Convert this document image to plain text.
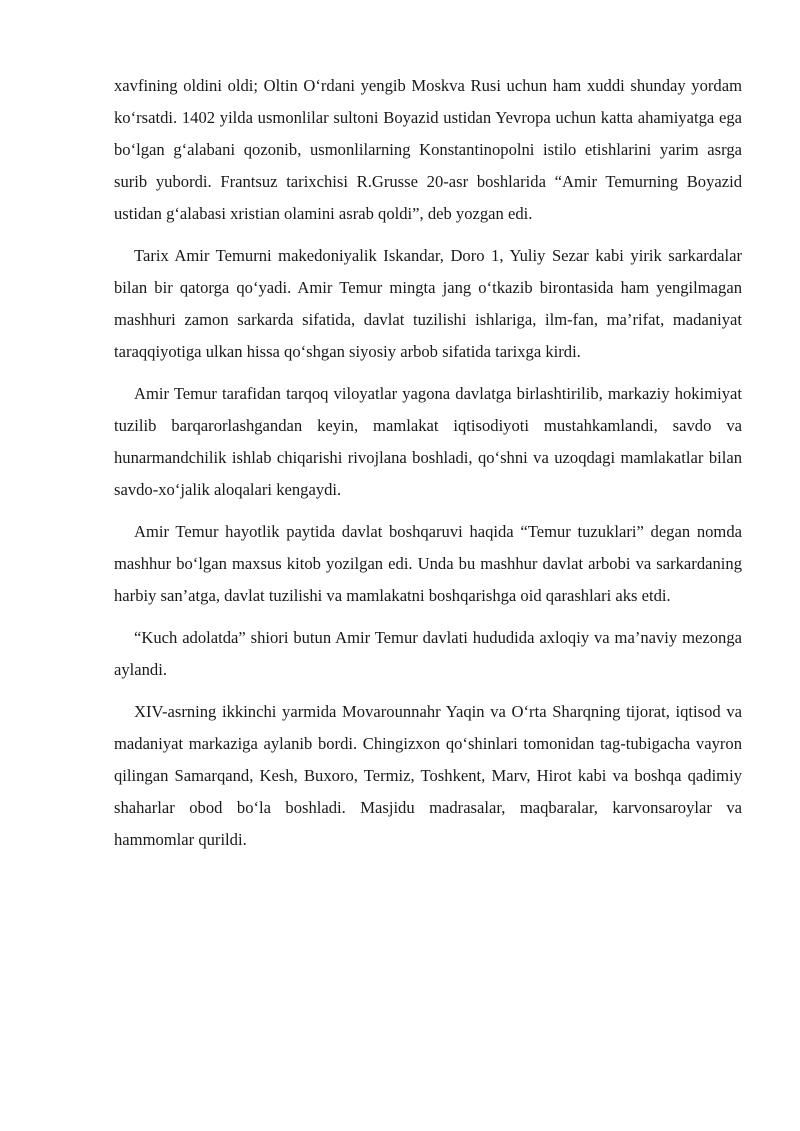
xavfining oldini oldi; Oltin O‘rdani yengib Moskva Rusi uchun ham xuddi shunday yordam ko‘rsatdi. 1402 yilda usmonlilar sultoni Boyazid ustidan Yevropa uchun katta ahamiyatga ega bo‘lgan g‘alabani qozonib, usmonlilarning Konstantinopolni istilo etishlarini yarim asrga surib yubordi. Frantsuz tarixchisi R.Grusse 20-asr boshlarida “Amir Temurning Boyazid ustidan g‘alabasi xristian olamini asrab qoldi”, deb yozgan edi.

Tarix Amir Temurni makedoniyalik Iskandar, Doro 1, Yuliy Sezar kabi yirik sarkardalar bilan bir qatorga qo‘yadi. Amir Temur mingta jang o‘tkazib birontasida ham yengilmagan mashhuri zamon sarkarda sifatida, davlat tuzilishi ishlariga, ilm-fan, ma’rifat, madaniyat taraqqiyotiga ulkan hissa qo‘shgan siyosiy arbob sifatida tarixga kirdi.

Amir Temur tarafidan tarqoq viloyatlar yagona davlatga birlashtirilib, markaziy hokimiyat tuzilib barqarorlashgandan keyin, mamlakat iqtisodiyoti mustahkamlandi, savdo va hunarmandchilik ishlab chiqarishi rivojlana boshladi, qo‘shni va uzoqdagi mamlakatlar bilan savdo-xo‘jalik aloqalari kengaydi.

Amir Temur hayotlik paytida davlat boshqaruvi haqida “Temur tuzuklari” degan nomda mashhur bo‘lgan maxsus kitob yozilgan edi. Unda bu mashhur davlat arbobi va sarkardaning harbiy san’atga, davlat tuzilishi va mamlakatni boshqarishga oid qarashlari aks etdi.

“Kuch adolatda” shiori butun Amir Temur davlati hududida axloqiy va ma’naviy mezonga aylandi.

XIV-asrning ikkinchi yarmida Movarounnahr Yaqin va O‘rta Sharqning tijorat, iqtisod va madaniyat markaziga aylanib bordi. Chingizxon qo‘shinlari tomonidan tag-tubigacha vayron qilingan Samarqand, Kesh, Buxoro, Termiz, Toshkent, Marv, Hirot kabi va boshqa qadimiy shaharlar obod bo‘la boshladi. Masjidu madrasalar, maqbaralar, karvonsaroylar va hammomlar qurildi.
